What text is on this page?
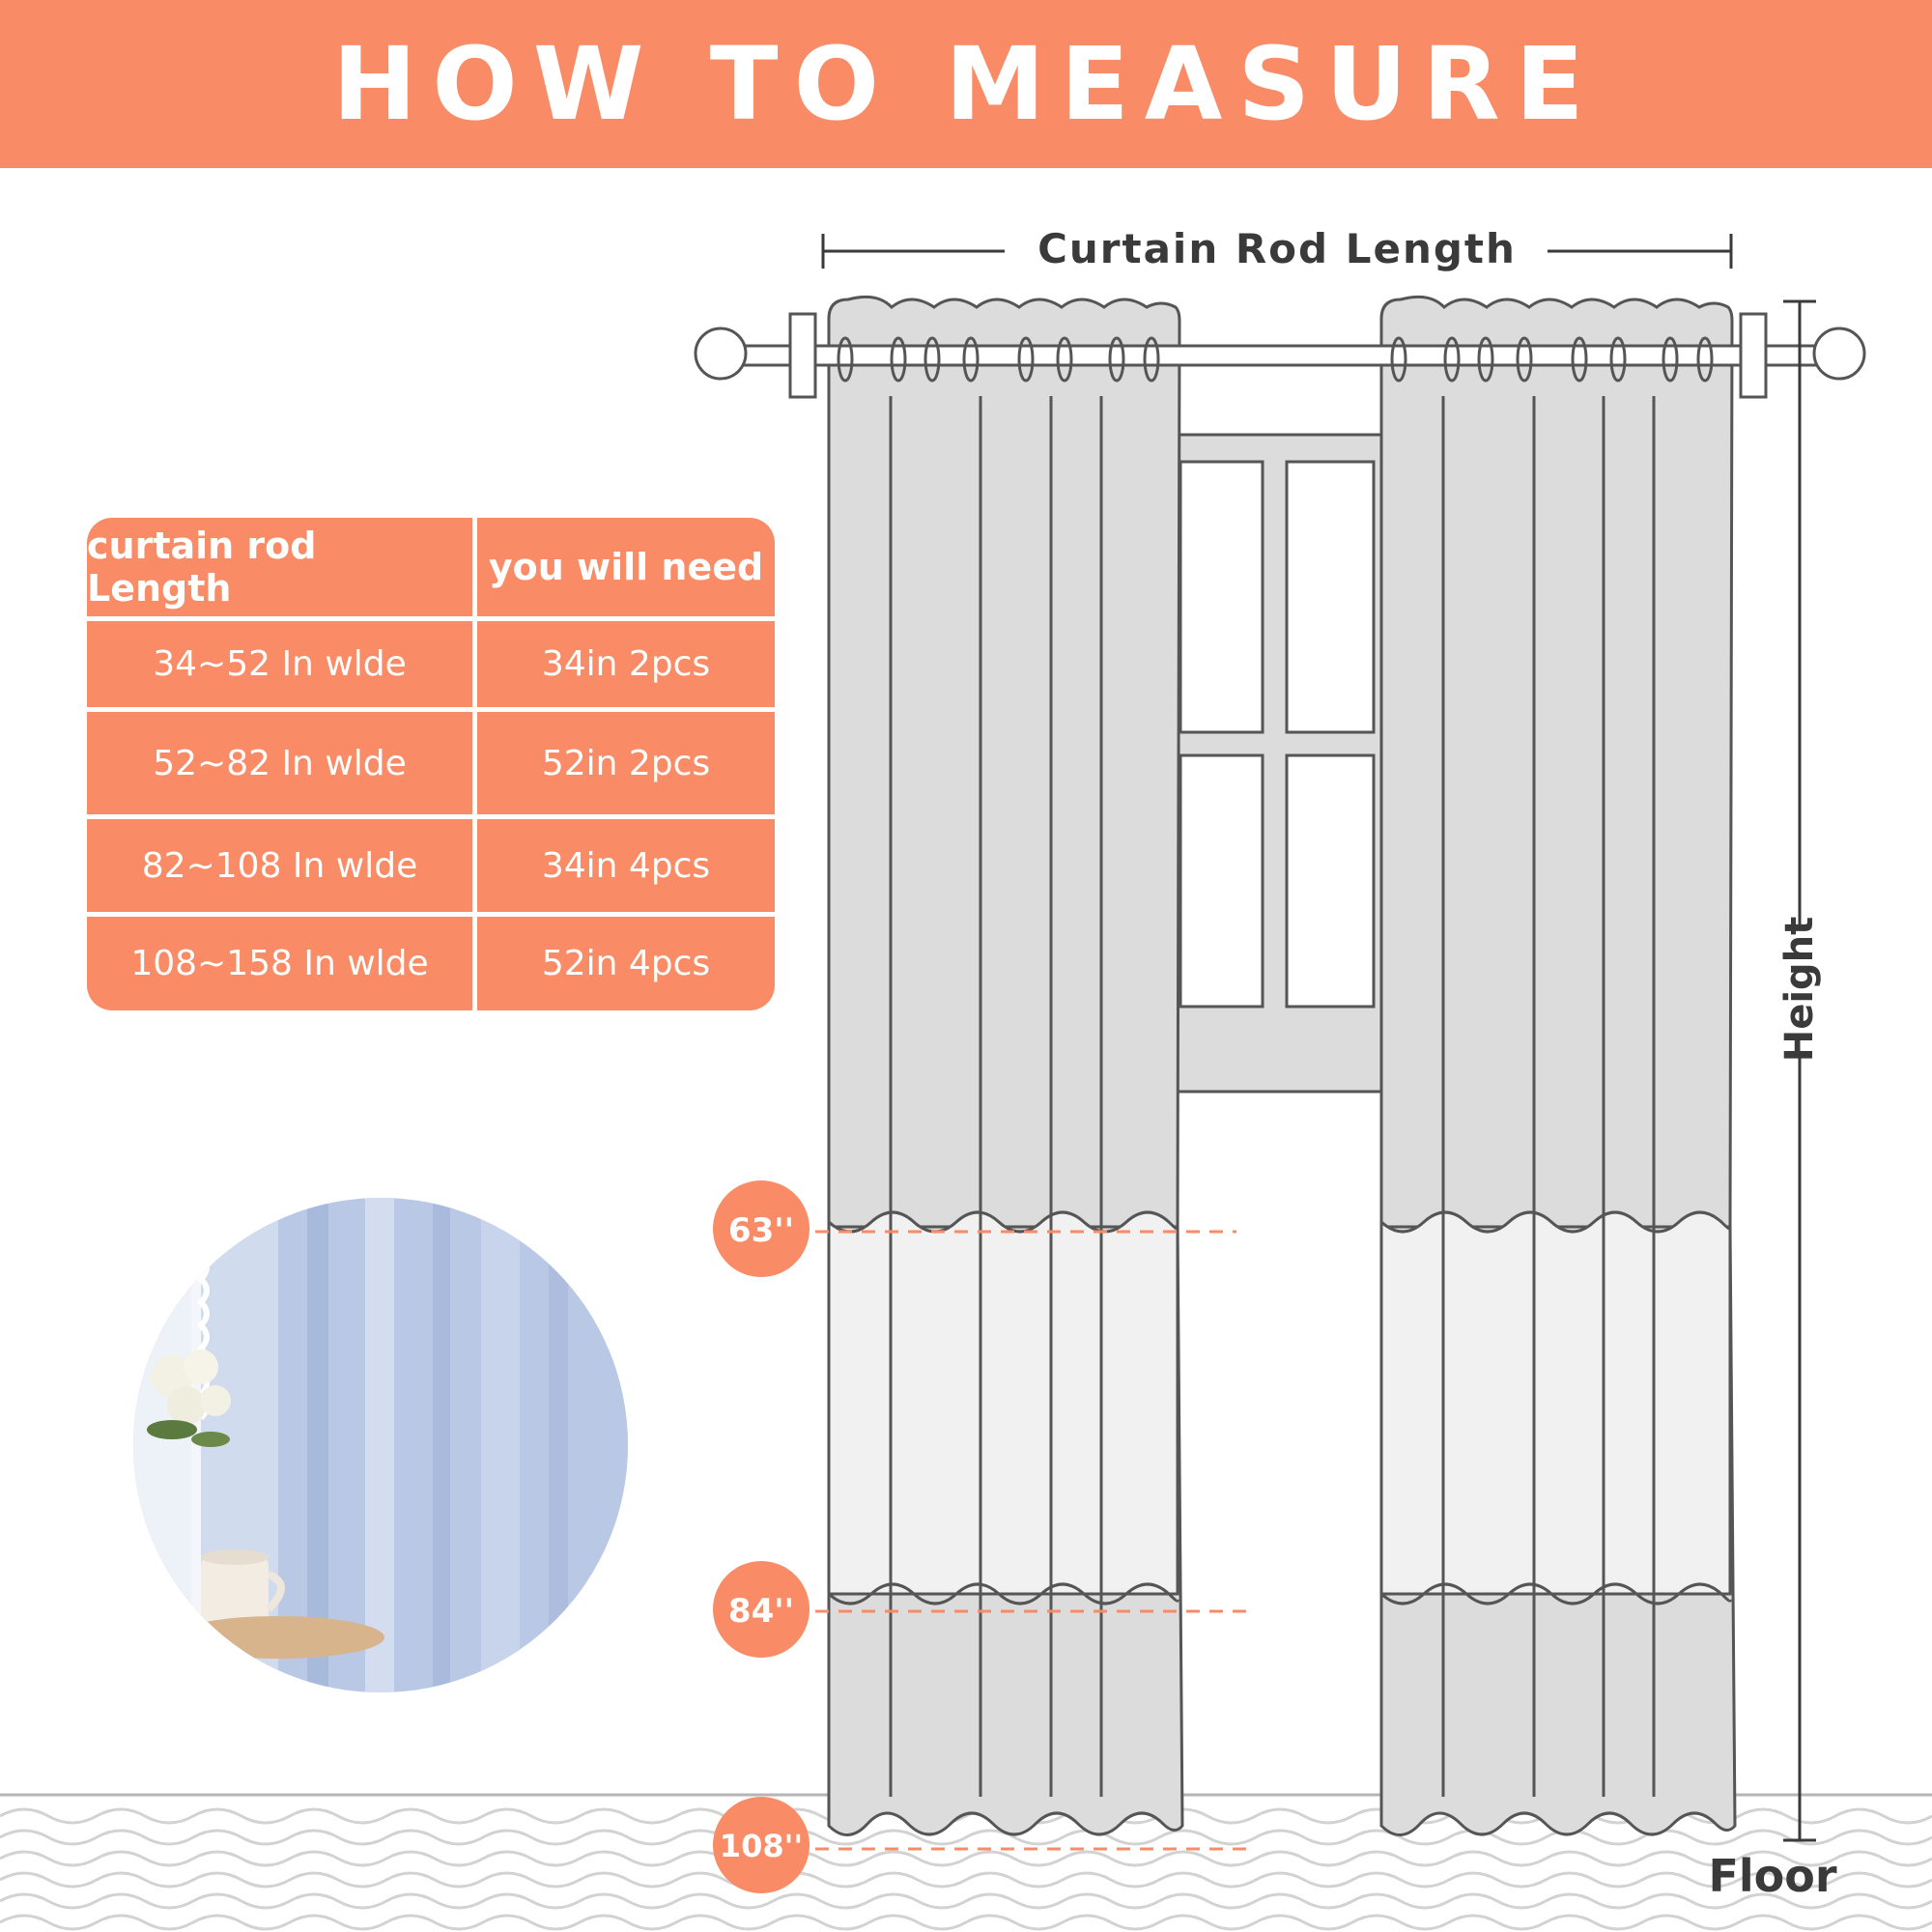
HOW TO MEASURE
curtain rod Length	you will need
34~52 In wlde	34in 2pcs
52~82 In wlde	52in 2pcs
82~108 In wlde	34in 4pcs
108~158 In wlde	52in 4pcs
Curtain Rod Length
Height
63''
84''
108''
Floor
